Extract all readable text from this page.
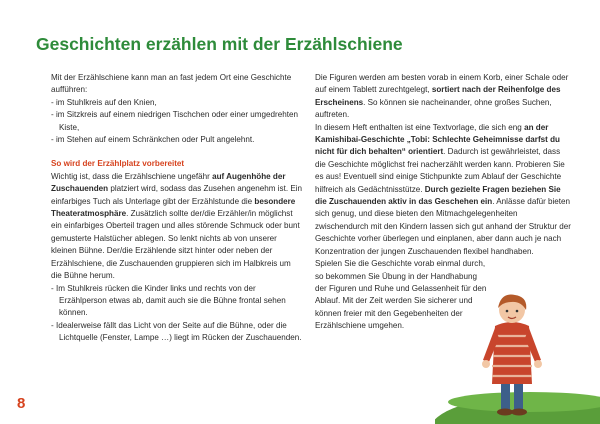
Geschichten erzählen mit der Erzählschiene

Mit der Erzählschiene kann man an fast jedem Ort eine Geschichte aufführen:

- im Stuhlkreis auf den Knien,

- im Sitzkreis auf einem niedrigen Tischchen oder einer umgedrehten Kiste,

- im Stehen auf einem Schränkchen oder Pult angelehnt.

So wird der Erzählplatz vorbereitet

Wichtig ist, dass die Erzählschiene ungefähr auf Augenhöhe der Zuschauenden platziert wird, sodass das Zusehen angenehm ist. Ein einfarbiges Tuch als Unterlage gibt der Erzählstunde die besondere Theateratmosphäre. Zusätzlich sollte der/die Erzähler/in möglichst ein einfarbiges Oberteil tragen und alles störende Schmuck oder bunt gemusterte Halstücher ablegen. So lenkt nichts ab von unserer kleinen Bühne. Der/die Erzählende sitzt hinter oder neben der Erzählschiene, die Zuschauenden gruppieren sich im Halbkreis um die Bühne herum.

- Im Stuhlkreis rücken die Kinder links und rechts von der Erzählperson etwas ab, damit auch sie die Bühne frontal sehen können.

- Idealerweise fällt das Licht von der Seite auf die Bühne, oder die Lichtquelle (Fenster, Lampe …) liegt im Rücken der Zuschauenden.

Die Figuren werden am besten vorab in einem Korb, einer Schale oder auf einem Tablett zurechtgelegt, sortiert nach der Reihenfolge des Erscheinens. So können sie nacheinander, ohne großes Suchen, auftreten.

In diesem Heft enthalten ist eine Textvorlage, die sich eng an der Kamishibai-Geschichte „Tobi: Schlechte Geheimnisse darfst du nicht für dich behalten“ orientiert. Dadurch ist gewährleistet, dass die Geschichte möglichst frei nacherzählt werden kann. Probieren Sie es aus! Eventuell sind einige Stichpunkte zum Ablauf der Geschichte hilfreich als Gedächtnisstütze. Durch gezielte Fragen beziehen Sie die Zuschauenden aktiv in das Geschehen ein. Anlässe dafür bieten sich genug, und diese bieten den Mitmachgelegenheiten zwischendurch mit den Kindern lassen sich gut anhand der Struktur der Geschichte vorher überlegen und einplanen, aber dann auch je nach Konzentration der jungen Zuschauenden flexibel handhaben.

Spielen Sie die Geschichte vorab einmal durch, so bekommen Sie Übung in der Handhabung der Figuren und Ruhe und Gelassenheit für den Ablauf. Mit der Zeit werden Sie sicherer und können freier mit den Gegebenheiten der Erzählschiene umgehen.

8
